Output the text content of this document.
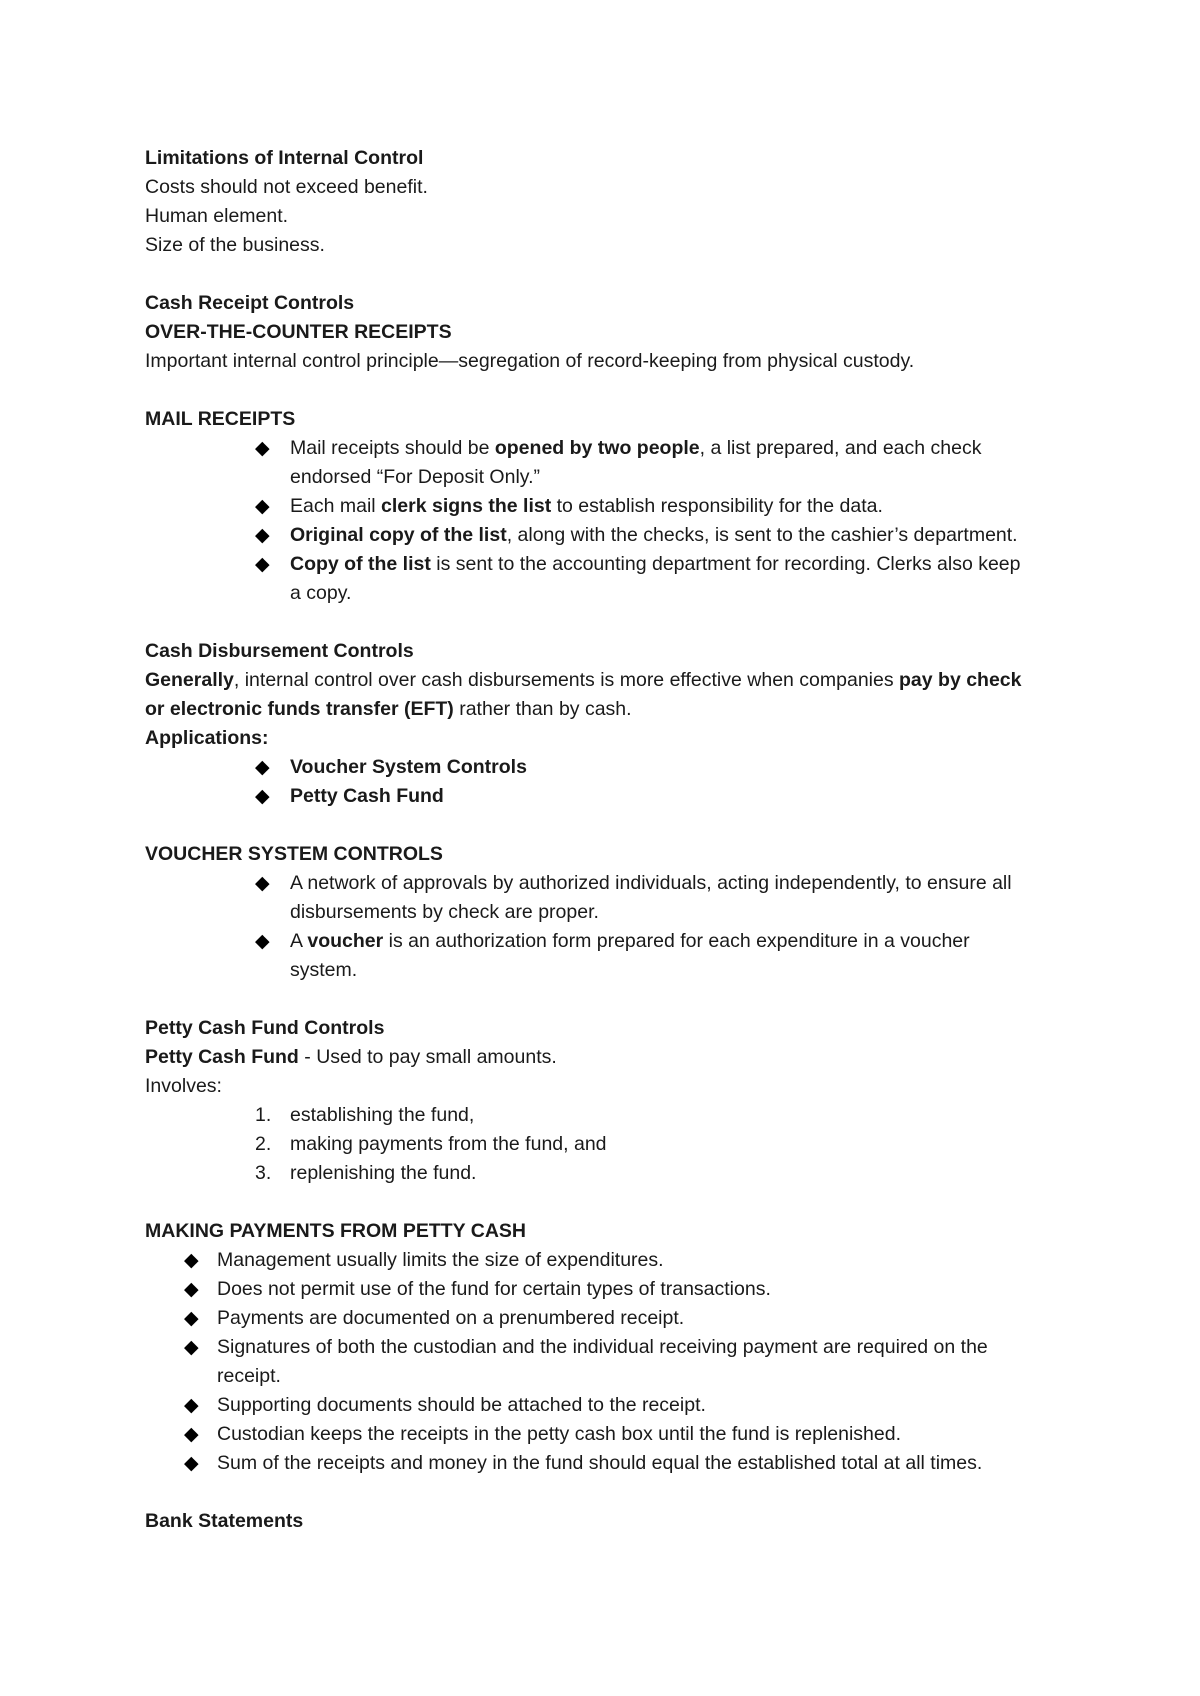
Limitations of Internal Control
Costs should not exceed benefit.
Human element.
Size of the business.
Cash Receipt Controls
OVER-THE-COUNTER RECEIPTS
Important internal control principle—segregation of record-keeping from physical custody.
MAIL RECEIPTS
◆ Mail receipts should be opened by two people, a list prepared, and each check
endorsed “For Deposit Only.”
◆ Each mail clerk signs the list to establish responsibility for the data.
◆ Original copy of the list, along with the checks, is sent to the cashier’s department.
◆ Copy of the list is sent to the accounting department for recording. Clerks also keep
a copy.
Cash Disbursement Controls
Generally, internal control over cash disbursements is more effective when companies pay by check
or electronic funds transfer (EFT) rather than by cash.
Applications:
◆ Voucher System Controls
◆ Petty Cash Fund
VOUCHER SYSTEM CONTROLS
◆ A network of approvals by authorized individuals, acting independently, to ensure all
disbursements by check are proper.
◆ A voucher is an authorization form prepared for each expenditure in a voucher
system.
Petty Cash Fund Controls
Petty Cash Fund - Used to pay small amounts.
Involves:
1. establishing the fund,
2. making payments from the fund, and
3. replenishing the fund.
MAKING PAYMENTS FROM PETTY CASH
◆ Management usually limits the size of expenditures.
◆ Does not permit use of the fund for certain types of transactions.
◆ Payments are documented on a prenumbered receipt.
◆ Signatures of both the custodian and the individual receiving payment are required on the
receipt.
◆ Supporting documents should be attached to the receipt.
◆ Custodian keeps the receipts in the petty cash box until the fund is replenished.
◆ Sum of the receipts and money in the fund should equal the established total at all times.
Bank Statements
